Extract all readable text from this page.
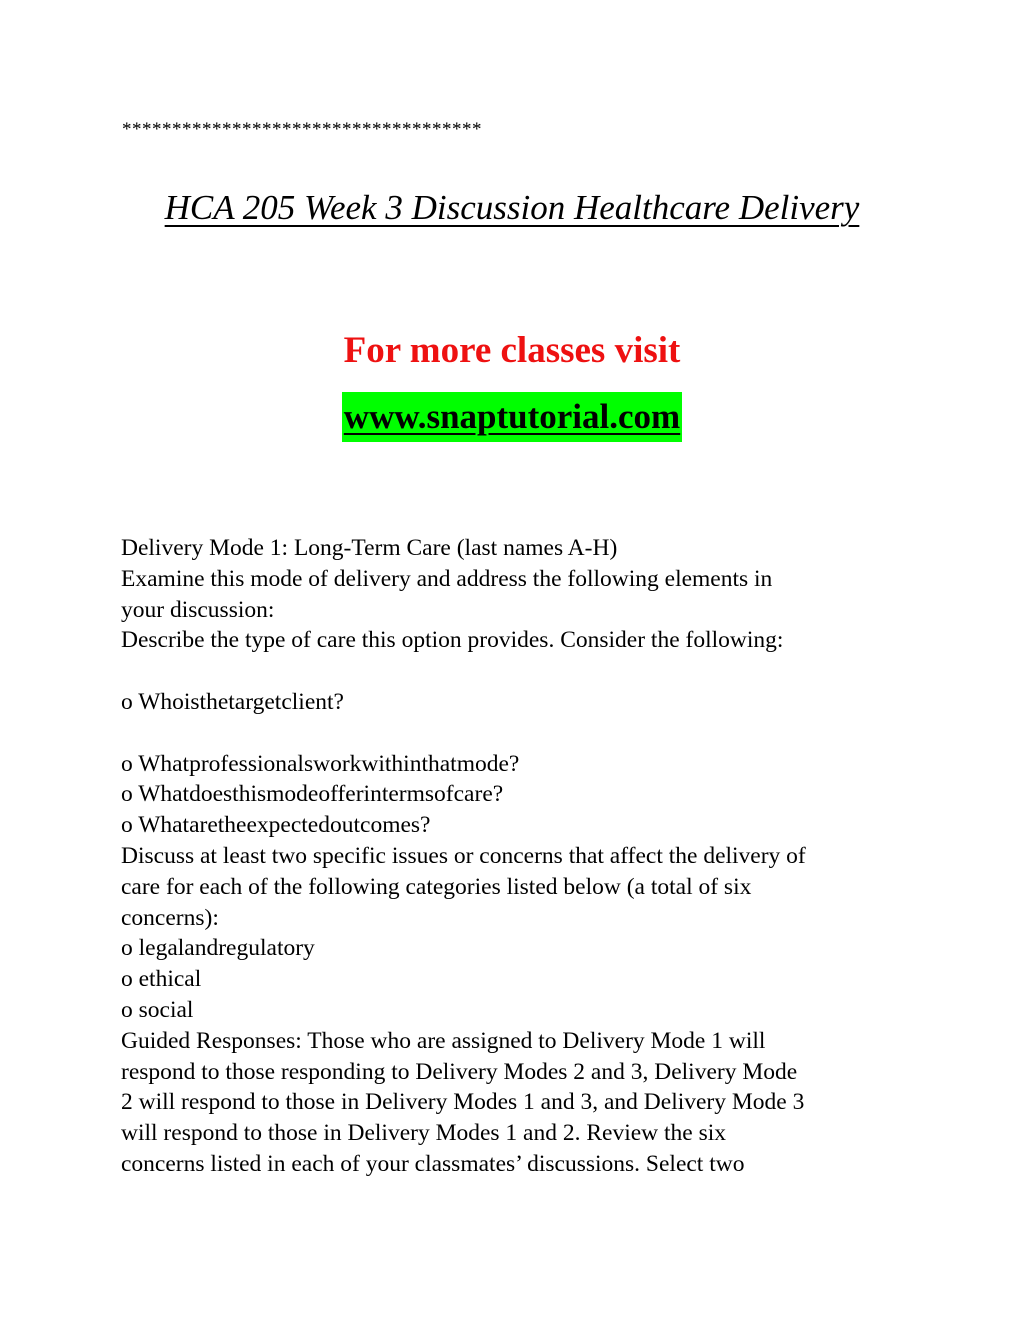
************************************
HCA 205 Week 3 Discussion Healthcare Delivery
For more classes visit
www.snaptutorial.com
Delivery Mode 1: Long-Term Care (last names A-H)
Examine this mode of delivery and address the following elements in
your discussion:
Describe the type of care this option provides. Consider the following:
o Whoisthetargetclient?
o Whatprofessionalsworkwithinthatmode?
o Whatdoesthismodeofferintermsofcare?
o Whataretheexpectedoutcomes?
Discuss at least two specific issues or concerns that affect the delivery of
care for each of the following categories listed below (a total of six
concerns):
o legalandregulatory
o ethical
o social
Guided Responses: Those who are assigned to Delivery Mode 1 will
respond to those responding to Delivery Modes 2 and 3, Delivery Mode
2 will respond to those in Delivery Modes 1 and 3, and Delivery Mode 3
will respond to those in Delivery Modes 1 and 2. Review the six
concerns listed in each of your classmates’ discussions. Select two
